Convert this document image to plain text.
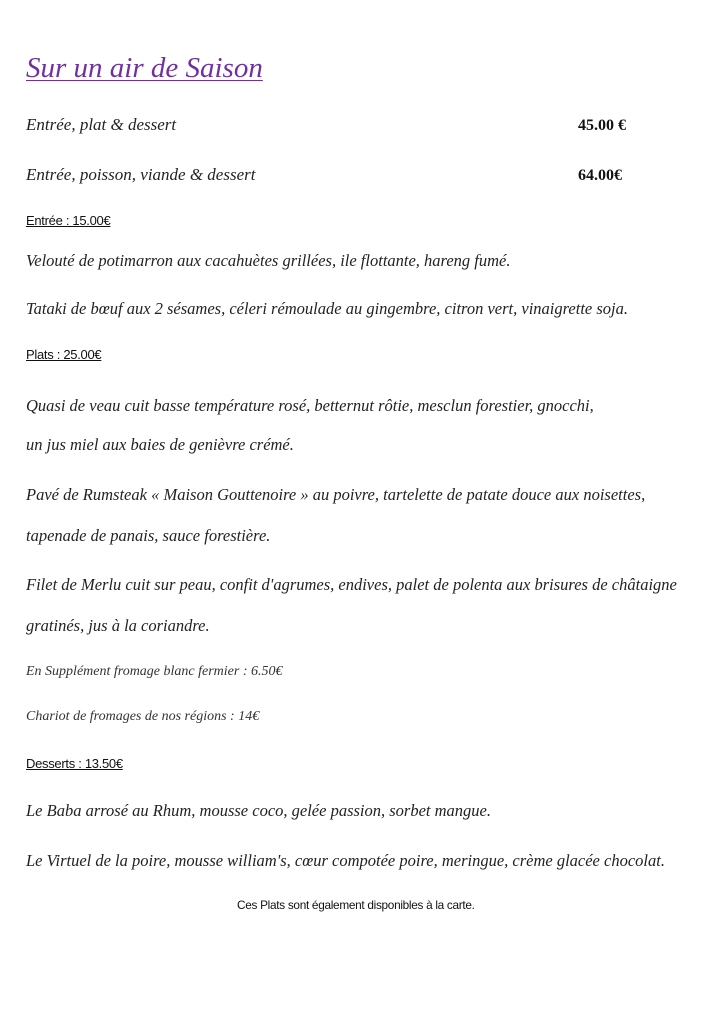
Sur un air de Saison
Entrée, plat & dessert	45.00 €
Entrée, poisson, viande & dessert	64.00€
Entrée : 15.00€
Velouté de potimarron aux cacahuètes grillées, ile flottante, hareng fumé.
Tataki de bœuf aux 2 sésames, céleri rémoulade au gingembre, citron vert, vinaigrette soja.
Plats : 25.00€
Quasi de veau cuit basse température rosé, betternut rôtie, mesclun forestier, gnocchi,
un jus miel aux baies de genièvre crémé.
Pavé de Rumsteak « Maison Gouttenoire » au poivre, tartelette de patate douce aux noisettes,
tapenade de panais, sauce forestière.
Filet de Merlu cuit sur peau, confit d'agrumes, endives, palet de polenta aux brisures de châtaigne
gratinés, jus à la coriandre.
En Supplément fromage blanc fermier : 6.50€
Chariot de fromages de nos régions : 14€
Desserts : 13.50€
Le Baba arrosé au Rhum, mousse coco, gelée passion, sorbet mangue.
Le Virtuel de la poire, mousse william's, cœur compotée poire, meringue, crème glacée chocolat.
Ces Plats sont également disponibles à la carte.
